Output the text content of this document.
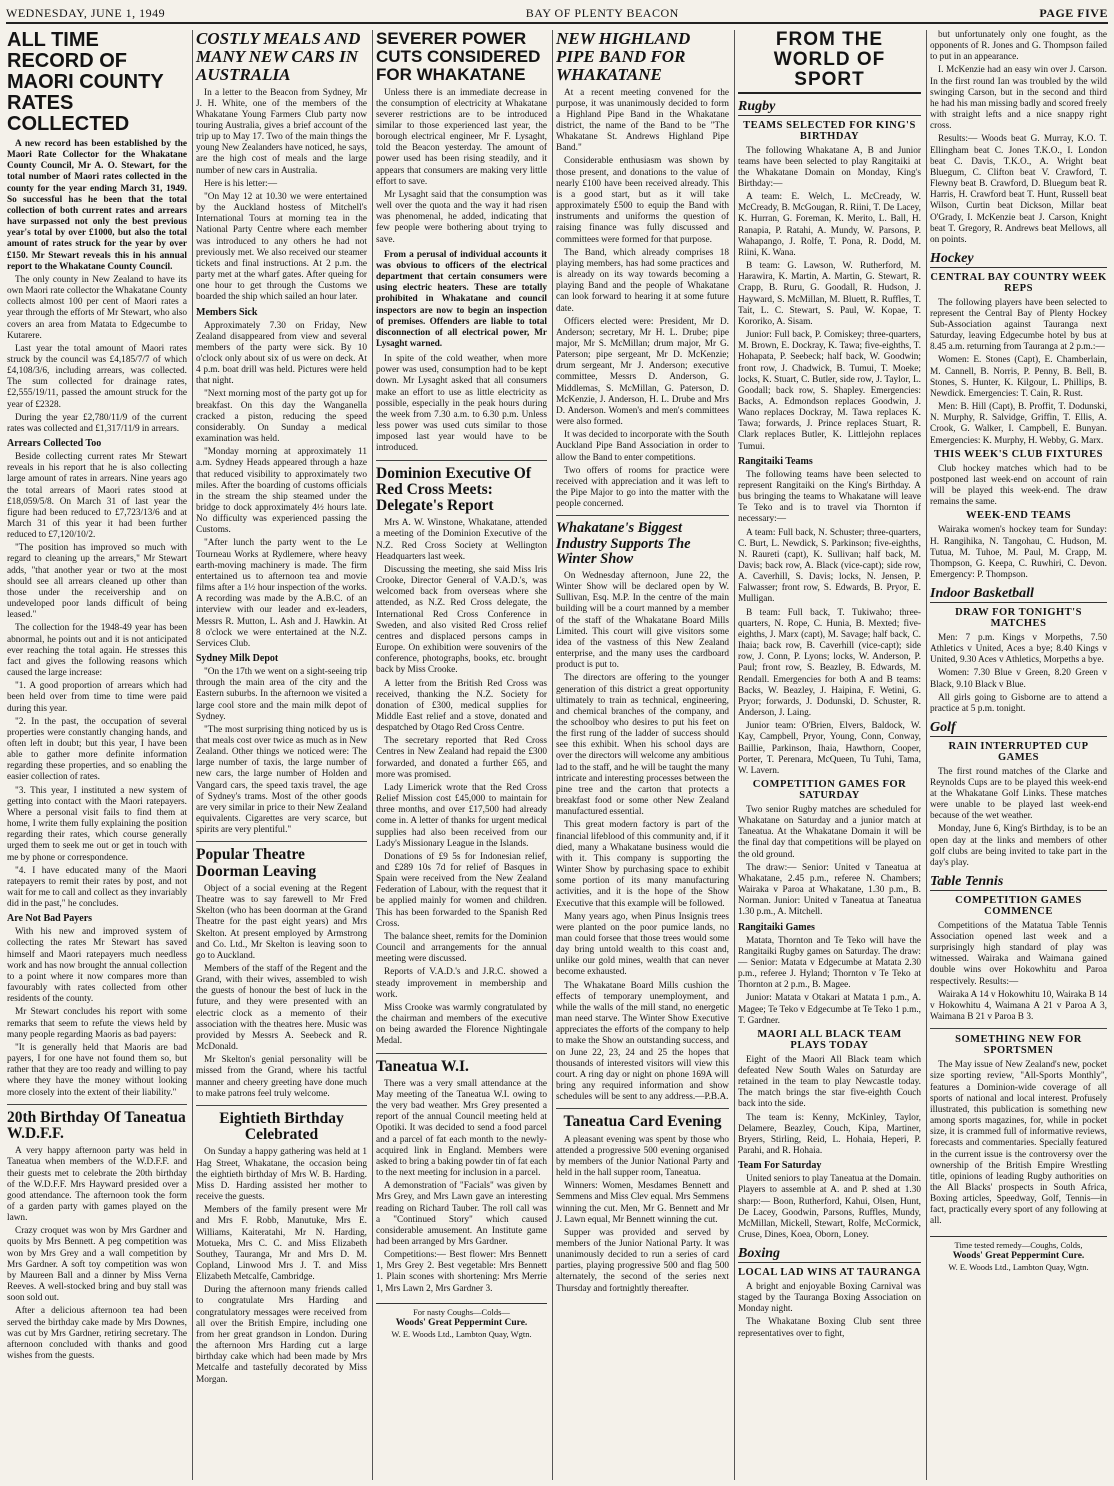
WEDNESDAY, JUNE 1, 1949	BAY OF PLENTY BEACON	PAGE FIVE
ALL TIME RECORD OF MAORI COUNTY RATES COLLECTED

A new record has been established by the Maori Rate Collector for the Whakatane County Council, Mr A. O. Stewart, for the total number of Maori rates collected in the county for the year ending March 31, 1949. So successful has he been that the total collection of both current rates and arrears have surpassed not only the best previous year's total by over £1000, but also the total amount of rates struck for the year by over £150. Mr Stewart reveals this in his annual report to the Whakatane County Council.

The only county in New Zealand to have its own Maori rate collector the Whakatane County collects almost 100 per cent of Maori rates a year through the efforts of Mr Stewart, who also covers an area from Matata to Edgecumbe to Kutarere.

Last year the total amount of Maori rates struck by the council was £4,185/7/7 of which £4,108/3/6, including arrears, was collected. The sum collected for drainage rates, £2,555/19/11, passed the amount struck for the year of £2328.

During the year £2,780/11/9 of the current rates was collected and £1,317/11/9 in arrears.

Arrears Collected Too

Beside collecting current rates Mr Stewart reveals in his report that he is also collecting large amount of rates in arrears. Nine years ago the total arrears of Maori rates stood at £18,059/5/8. On March 31 of last year the figure had been reduced to £7,723/13/6 and at March 31 of this year it had been further reduced to £7,120/10/2.

"The position has improved so much with regard to cleaning up the arrears," Mr Stewart adds, "that another year or two at the most should see all arrears cleaned up other than those under the receivership and on undeveloped poor lands difficult of being leased."

The collection for the 1948-49 year has been abnormal, he points out and it is not anticipated ever reaching the total again. He stresses this fact and gives the following reasons which caused the large increase:

"1. A good proportion of arrears which had been held over from time to time were paid during this year.

"2. In the past, the occupation of several properties were constantly changing hands, and often left in doubt; but this year, I have been able to gather more definite information regarding these properties, and so enabling the easier collection of rates.

"3. This year, I instituted a new system of getting into contact with the Maori ratepayers. Where a personal visit fails to find them at home, I write them fully explaining the position regarding their rates, which course generally urged them to seek me out or get in touch with me by phone or correspondence.

"4. I have educated many of the Maori ratepayers to remit their rates by post, and not wait for me to call and collect as they invariably did in the past," he concludes.

Are Not Bad Payers

With his new and improved system of collecting the rates Mr Stewart has saved himself and Maori ratepayers much needless work and has now brought the annual collection to a point where it now compares more than favourably with rates collected from other residents of the county.

Mr Stewart concludes his report with some remarks that seem to refute the views held by many people regarding Maoris as bad payers:

"It is generally held that Maoris are bad payers, I for one have not found them so, but rather that they are too ready and willing to pay where they have the money without looking more closely into the extent of their liability."

20th Birthday Of Taneatua W.D.F.F.

A very happy afternoon party was held in Taneatua when members of the W.D.F.F. and their guests met to celebrate the 20th birthday of the W.D.F.F. Mrs Hayward presided over a good attendance. The afternoon took the form of a garden party with games played on the lawn.

Crazy croquet was won by Mrs Gardner and quoits by Mrs Bennett. A peg competition was won by Mrs Grey and a wall competition by Mrs Gardner. A soft toy competition was won by Maureen Ball and a dinner by Miss Verna Reeves. A well-stocked bring and buy stall was soon sold out.

After a delicious afternoon tea had been served the birthday cake made by Mrs Downes, was cut by Mrs Gardner, retiring secretary. The afternoon concluded with thanks and good wishes from the guests.

COSTLY MEALS AND MANY NEW CARS IN AUSTRALIA

In a letter to the Beacon from Sydney, Mr J. H. White, one of the members of the Whakatane Young Farmers Club party now touring Australia, gives a brief account of the trip up to May 17. Two of the main things the young New Zealanders have noticed, he says, are the high cost of meals and the large number of new cars in Australia.

Here is his letter:—

"On May 12 at 10.30 we were entertained by the Auckland hostess of Mitchell's International Tours at morning tea in the National Party Centre where each member was introduced to any others he had not previously met. We also received our steamer tickets and final instructions. At 2 p.m. the party met at the wharf gates. After queing for one hour to get through the Customs we boarded the ship which sailed an hour later.

Members Sick

Approximately 7.30 on Friday, New Zealand disappeared from view and several members of the party were sick. By 10 o'clock only about six of us were on deck. At 4 p.m. boat drill was held. Pictures were held that night.

"Next morning most of the party got up for breakfast. On this day the Wanganella cracked a piston, reducing the speed considerably. On Sunday a medical examination was held.

"Monday morning at approximately 11 a.m. Sydney Heads appeared through a haze that reduced visibility to approximately two miles. After the boarding of customs officials in the stream the ship steamed under the bridge to dock approximately 4½ hours late. No difficulty was experienced passing the Customs.

"After lunch the party went to the Le Tourneau Works at Rydlemere, where heavy earth-moving machinery is made. The firm entertained us to afternoon tea and movie films after a 1½ hour inspection of the works. A recording was made by the A.B.C. of an interview with our leader and ex-leaders, Messrs R. Mutton, L. Ash and J. Hawkin. At 8 o'clock we were entertained at the N.Z. Services Club.

Sydney Milk Depot

"On the 17th we went on a sight-seeing trip through the main area of the city and the Eastern suburbs. In the afternoon we visited a large cool store and the main milk depot of Sydney.

"The most surprising thing noticed by us is that meals cost over twice as much as in New Zealand. Other things we noticed were: The large number of taxis, the large number of new cars, the large number of Holden and Vangard cars, the speed taxis travel, the age of Sydney's trams. Most of the other goods are very similar in price to their New Zealand equivalents. Cigarettes are very scarce, but spirits are very plentiful."

Popular Theatre Doorman Leaving

Object of a social evening at the Regent Theatre was to say farewell to Mr Fred Skelton (who has been doorman at the Grand Theatre for the past eight years) and Mrs Skelton. At present employed by Armstrong and Co. Ltd., Mr Skelton is leaving soon to go to Auckland.

Members of the staff of the Regent and the Grand, with their wives, assembled to wish the guests of honour the best of luck in the future, and they were presented with an electric clock as a memento of their association with the theatres here. Music was provided by Messrs A. Seebeck and R. McDonald.

Mr Skelton's genial personality will be missed from the Grand, where his tactful manner and cheery greeting have done much to make patrons feel truly welcome.

Eightieth Birthday Celebrated

On Sunday a happy gathering was held at 1 Hag Street, Whakatane, the occasion being the eightieth birthday of Mrs W. B. Harding. Miss D. Harding assisted her mother to receive the guests.

Members of the family present were Mr and Mrs F. Robb, Manutuke, Mrs E. Williams, Kaiteratahi, Mr N. Harding, Motueka, Mrs C. C. and Miss Elizabeth Southey, Tauranga, Mr and Mrs D. M. Copland, Linwood Mrs J. T. and Miss Elizabeth Metcalfe, Cambridge.

During the afternoon many friends called to congratulate Mrs Harding and congratulatory messages were received from all over the British Empire, including one from her great grandson in London. During the afternoon Mrs Harding cut a large birthday cake which had been made by Mrs Metcalfe and tastefully decorated by Miss Morgan.

SEVERER POWER CUTS CONSIDERED FOR WHAKATANE

Unless there is an immediate decrease in the consumption of electricity at Whakatane severer restrictions are to be introduced similar to those experienced last year, the borough electrical engineer, Mr F. Lysaght, told the Beacon yesterday. The amount of power used has been rising steadily, and it appears that consumers are making very little effort to save.

Mr Lysaght said that the consumption was well over the quota and the way it had risen was phenomenal, he added, indicating that few people were bothering about trying to save.

From a perusal of individual accounts it was obvious to officers of the electrical department that certain consumers were using electric heaters. These are totally prohibited in Whakatane and council inspectors are now to begin an inspection of premises. Offenders are liable to total disconnection of all electrical power, Mr Lysaght warned.

In spite of the cold weather, when more power was used, consumption had to be kept down. Mr Lysaght asked that all consumers make an effort to use as little electricity as possible, especially in the peak hours during the week from 7.30 a.m. to 6.30 p.m. Unless less power was used cuts similar to those imposed last year would have to be introduced.

Dominion Executive Of Red Cross Meets: Delegate's Report

Mrs A. W. Winstone, Whakatane, attended a meeting of the Dominion Executive of the N.Z. Red Cross Society at Wellington Headquarters last week.

Discussing the meeting, she said Miss Iris Crooke, Director General of V.A.D.'s, was welcomed back from overseas where she attended, as N.Z. Red Cross delegate, the International Red Cross Conference in Sweden, and also visited Red Cross relief centres and displaced persons camps in Europe. On exhibition were souvenirs of the conference, photographs, books, etc. brought back by Miss Crooke.

A letter from the British Red Cross was received, thanking the N.Z. Society for donation of £300, medical supplies for Middle East relief and a stove, donated and despatched by Otago Red Cross Centre.

The secretary reported that Red Cross Centres in New Zealand had repaid the £300 forwarded, and donated a further £65, and more was promised.

Lady Limerick wrote that the Red Cross Relief Mission cost £45,000 to maintain for three months, and over £17,500 had already come in. A letter of thanks for urgent medical supplies had also been received from our Lady's Missionary League in the Islands.

Donations of £9 5s for Indonesian relief, and £289 10s 7d for relief of Basques in Spain were received from the New Zealand Federation of Labour, with the request that it be applied mainly for women and children. This has been forwarded to the Spanish Red Cross.

The balance sheet, remits for the Dominion Council and arrangements for the annual meeting were discussed.

Reports of V.A.D.'s and J.R.C. showed a steady improvement in membership and work.

Miss Crooke was warmly congratulated by the chairman and members of the executive on being awarded the Florence Nightingale Medal.

Taneatua W.I.

There was a very small attendance at the May meeting of the Taneatua W.I. owing to the very bad weather. Mrs Grey presented a report of the annual Council meeting held at Opotiki. It was decided to send a food parcel and a parcel of fat each month to the newly-acquired link in England. Members were asked to bring a baking powder tin of fat each to the next meeting for inclusion in a parcel.

A demonstration of "Facials" was given by Mrs Grey, and Mrs Lawn gave an interesting reading on Richard Tauber. The roll call was a "Continued Story" which caused considerable amusement. An Institute game had been arranged by Mrs Gardner.

Competitions:— Best flower: Mrs Bennett 1, Mrs Grey 2. Best vegetable: Mrs Bennett 1. Plain scones with shortening: Mrs Merrie 1, Mrs Lawn 2, Mrs Gardner 3.

For nasty Coughs—Colds—
Woods' Great Peppermint Cure.
W. E. Woods Ltd., Lambton Quay, Wgtn.
NEW HIGHLAND PIPE BAND FOR WHAKATANE

At a recent meeting convened for the purpose, it was unanimously decided to form a Highland Pipe Band in the Whakatane district, the name of the Band to be "The Whakatane St. Andrews Highland Pipe Band."

Considerable enthusiasm was shown by those present, and donations to the value of nearly £100 have been received already. This is a good start, but as it will take approximately £500 to equip the Band with instruments and uniforms the question of raising finance was fully discussed and committees were formed for that purpose.

The Band, which already comprises 18 playing members, has had some practices and is already on its way towards becoming a playing Band and the people of Whakatane can look forward to hearing it at some future date.

Officers elected were: President, Mr D. Anderson; secretary, Mr H. L. Drube; pipe major, Mr S. McMillan; drum major, Mr G. Paterson; pipe sergeant, Mr D. McKenzie; drum sergeant, Mr J. Anderson; executive committee, Messrs D. Anderson, G. Middlemas, S. McMillan, G. Paterson, D. McKenzie, J. Anderson, H. L. Drube and Mrs D. Anderson. Women's and men's committees were also formed.

It was decided to incorporate with the South Auckland Pipe Band Association in order to allow the Band to enter competitions.

Two offers of rooms for practice were received with appreciation and it was left to the Pipe Major to go into the matter with the people concerned.

Whakatane's Biggest Industry Supports The Winter Show

On Wednesday afternoon, June 22, the Winter Show will be declared open by W. Sullivan, Esq. M.P. In the centre of the main building will be a court manned by a member of the staff of the Whakatane Board Mills Limited. This court will give visitors some idea of the vastness of this New Zealand enterprise, and the many uses the cardboard product is put to.

The directors are offering to the younger generation of this district a great opportunity ultimately to train as technical, engineering, and chemical branches of the company, and the schoolboy who desires to put his feet on the first rung of the ladder of success should see this exhibit. When his school days are over the directors will welcome any ambitious lad to the staff, and he will be taught the many intricate and interesting processes between the pine tree and the carton that protects a breakfast food or some other New Zealand manufactured essential.

This great modern factory is part of the financial lifeblood of this community and, if it died, many a Whakatane business would die with it. This company is supporting the Winter Show by purchasing space to exhibit some portion of its many manufacturing activities, and it is the hope of the Show Executive that this example will be followed.

Many years ago, when Pinus Insignis trees were planted on the poor pumice lands, no man could forsee that those trees would some day bring untold wealth to this coast and, unlike our gold mines, wealth that can never become exhausted.

The Whakatane Board Mills cushion the effects of temporary unemployment, and while the walls of the mill stand, no energetic man need starve. The Winter Show Executive appreciates the efforts of the company to help to make the Show an outstanding success, and on June 22, 23, 24 and 25 the hopes that thousands of interested visitors will view this court. A ring day or night on phone 169A will bring any required information and show schedules will be sent to any address.—P.B.A.

Taneatua Card Evening

A pleasant evening was spent by those who attended a progressive 500 evening organised by members of the Junior National Party and held in the hall supper room, Taneatua.

Winners: Women, Mesdames Bennett and Semmens and Miss Clev equal. Mrs Semmens winning the cut. Men, Mr G. Bennett and Mr J. Lawn equal, Mr Bennett winning the cut.

Supper was provided and served by members of the Junior National Party. It was unanimously decided to run a series of card parties, playing progressive 500 and flag 500 alternately, the second of the series next Thursday and fortnightly thereafter.

FROM THE WORLD OF SPORT
Rugby
TEAMS SELECTED FOR KING'S BIRTHDAY

The following Whakatane A, B and Junior teams have been selected to play Rangitaiki at the Whakatane Domain on Monday, King's Birthday:—

A team: E. Welch, L. McCready, W. McCready, B. McGougan, R. Riini, T. De Lacey, K. Hurran, G. Foreman, K. Merito, L. Ball, H. Ranapia, P. Ratahi, A. Mundy, W. Parsons, P. Wahapango, J. Rolfe, T. Pona, R. Dodd, M. Riini, K. Wana.

B team: G. Lawson, W. Rutherford, M. Harawira, K. Martin, A. Martin, G. Stewart, R. Crapp, B. Ruru, G. Goodall, R. Hudson, J. Hayward, S. McMillan, M. Bluett, R. Ruffles, T. Tait, L. C. Stewart, S. Paul, W. Kopae, T. Kororiko, A. Sisam.

Junior: Full back, P. Comiskey; three-quarters, M. Brown, E. Dockray, K. Tawa; five-eighths, T. Hohapata, P. Seebeck; half back, W. Goodwin; front row, J. Chadwick, B. Tumui, T. Moeke; locks, K. Stuart, C. Butler, side row, J. Taylor, L. Goodall; back row, S. Shapley. Emergencies: Backs, A. Edmondson replaces Goodwin, J. Wano replaces Dockray, M. Tawa replaces K. Tawa; forwards, J. Prince replaces Stuart, R. Clark replaces Butler, K. Littlejohn replaces Tumui.

Rangitaiki Teams

The following teams have been selected to represent Rangitaiki on the King's Birthday. A bus bringing the teams to Whakatane will leave Te Teko and is to travel via Thornton if necessary:—

A team: Full back, N. Schuster; three-quarters, C. Burt, L. Newdick, S. Parkinson; five-eighths, N. Raureti (capt), K. Sullivan; half back, M. Davis; back row, A. Black (vice-capt); side row, A. Caverhill, S. Davis; locks, N. Jensen, P. Falwasser; front row, S. Edwards, B. Pryor, E. Mulligan.

B team: Full back, T. Tukiwaho; three-quarters, N. Rope, C. Hunia, B. Mexted; five-eighths, J. Marx (capt), M. Savage; half back, C. Ihaia; back row, B. Caverhill (vice-capt); side row, J. Conn, P. Lyons; locks, W. Anderson, P. Paul; front row, S. Beazley, B. Edwards, M. Rendall. Emergencies for both A and B teams: Backs, W. Beazley, J. Haipina, F. Wetini, G. Pryor; forwards, J. Dodunski, D. Schuster, R. Anderson, J. Laing.

Junior team: O'Brien, Elvers, Baldock, W. Kay, Campbell, Pryor, Young, Conn, Conway, Baillie, Parkinson, Ihaia, Hawthorn, Cooper, Porter, T. Perenara, McQueen, Tu Tuhi, Tama, W. Lavern.

COMPETITION GAMES FOR SATURDAY

Two senior Rugby matches are scheduled for Whakatane on Saturday and a junior match at Taneatua. At the Whakatane Domain it will be the final day that competitions will be played on the old ground.

The draw:— Senior: United v Taneatua at Whakatane, 2.45 p.m., referee N. Chambers; Wairaka v Paroa at Whakatane, 1.30 p.m., B. Norman. Junior: United v Taneatua at Taneatua 1.30 p.m., A. Mitchell.

Rangitaiki Games

Matata, Thornton and Te Teko will have the Rangitaiki Rugby games on Saturday. The draw:— Senior: Matata v Edgecumbe at Matata 2.30 p.m., referee J. Hyland; Thornton v Te Teko at Thornton at 2 p.m., B. Magee.

Junior: Matata v Otakari at Matata 1 p.m., A. Magee; Te Teko v Edgecumbe at Te Teko 1 p.m., T. Gardner.

MAORI ALL BLACK TEAM PLAYS TODAY

Eight of the Maori All Black team which defeated New South Wales on Saturday are retained in the team to play Newcastle today. The match brings the star five-eighth Couch back into the side.

The team is: Kenny, McKinley, Taylor, Delamere, Beazley, Couch, Kipa, Martiner, Bryers, Stirling, Reid, L. Hohaia, Heperi, P. Parahi, and R. Hohaia.

Team For Saturday

United seniors to play Taneatua at the Domain. Players to assemble at A. and P. shed at 1.30 sharp:— Boon, Rutherford, Kahui, Olsen, Hunt, De Lacey, Goodwin, Parsons, Ruffles, Mundy, McMillan, Mickell, Stewart, Rolfe, McCormick, Cruse, Dines, Koea, Oborn, Loney.

Boxing
LOCAL LAD WINS AT TAURANGA

A bright and enjoyable Boxing Carnival was staged by the Tauranga Boxing Association on Monday night.

The Whakatane Boxing Club sent three representatives over to fight,

but unfortunately only one fought, as the opponents of R. Jones and G. Thompson failed to put in an appearance.

I. McKenzie had an easy win over J. Carson. In the first round Ian was troubled by the wild swinging Carson, but in the second and third he had his man missing badly and scored freely with straight lefts and a nice snappy right cross.

Results:— Woods beat G. Murray, K.O. T. Ellingham beat C. Jones T.K.O., I. London beat C. Davis, T.K.O., A. Wright beat Bluegum, C. Clifton beat V. Crawford, T. Flewny beat B. Crawford, D. Bluegum beat R. Harris, H. Crawford beat T. Hunt, Russell beat Wilson, Curtin beat Dickson, Millar beat O'Grady, I. McKenzie beat J. Carson, Knight beat T. Gregory, R. Andrews beat Mellows, all on points.

Hockey
CENTRAL BAY COUNTRY WEEK REPS

The following players have been selected to represent the Central Bay of Plenty Hockey Sub-Association against Tauranga next Saturday, leaving Edgecumbe hotel by bus at 8.45 a.m. returning from Tauranga at 2 p.m.:—

Women: E. Stones (Capt), E. Chamberlain, M. Cannell, B. Norris, P. Penny, B. Bell, B. Stones, S. Hunter, K. Kilgour, L. Phillips, B. Newdick. Emergencies: T. Cain, R. Rust.

Men: B. Hill (Capt), B. Proffit, T. Dodunski, N. Murphy, R. Salvidge, Griffin, T. Ellis, A. Crook, G. Walker, I. Campbell, E. Bunyan. Emergencies: K. Murphy, H. Webby, G. Marx.

THIS WEEK'S CLUB FIXTURES

Club hockey matches which had to be postponed last week-end on account of rain will be played this week-end. The draw remains the same.

WEEK-END TEAMS

Wairaka women's hockey team for Sunday: H. Rangihika, N. Tangohau, C. Hudson, M. Tutua, M. Tuhoe, M. Paul, M. Crapp, M. Thompson, G. Keepa, C. Ruwhiri, C. Devon. Emergency: P. Thompson.

Indoor Basketball
DRAW FOR TONIGHT'S MATCHES

Men: 7 p.m. Kings v Morpeths, 7.50 Athletics v United, Aces a bye; 8.40 Kings v United, 9.30 Aces v Athletics, Morpeths a bye.

Women: 7.30 Blue v Green, 8.20 Green v Black, 9.10 Black v Blue.

All girls going to Gisborne are to attend a practice at 5 p.m. tonight.

Golf
RAIN INTERRUPTED CUP GAMES

The first round matches of the Clarke and Reynolds Cups are to be played this week-end at the Whakatane Golf Links. These matches were unable to be played last week-end because of the wet weather.

Monday, June 6, King's Birthday, is to be an open day at the links and members of other golf clubs are being invited to take part in the day's play.

Table Tennis
COMPETITION GAMES COMMENCE

Competitions of the Matatua Table Tennis Association opened last week and a surprisingly high standard of play was witnessed. Wairaka and Waimana gained double wins over Hokowhitu and Paroa respectively. Results:—

Wairaka A 14 v Hokowhitu 10, Wairaka B 14 v Hokowhitu 4, Waimana A 21 v Paroa A 3, Waimana B 21 v Paroa B 3.

SOMETHING NEW FOR SPORTSMEN

The May issue of New Zealand's new, pocket size sporting review, "All-Sports Monthly", features a Dominion-wide coverage of all sports of national and local interest. Profusely illustrated, this publication is something new among sports magazines, for, while in pocket size, it is crammed full of informative reviews, forecasts and commentaries. Specially featured in the current issue is the controversy over the ownership of the British Empire Wrestling title, opinions of leading Rugby authorities on the All Blacks' prospects in South Africa, Boxing articles, Speedway, Golf, Tennis—in fact, practically every sport of any following at all.

Time tested remedy—Coughs, Colds,
Woods' Great Peppermint Cure.
W. E. Woods Ltd., Lambton Quay, Wgtn.
